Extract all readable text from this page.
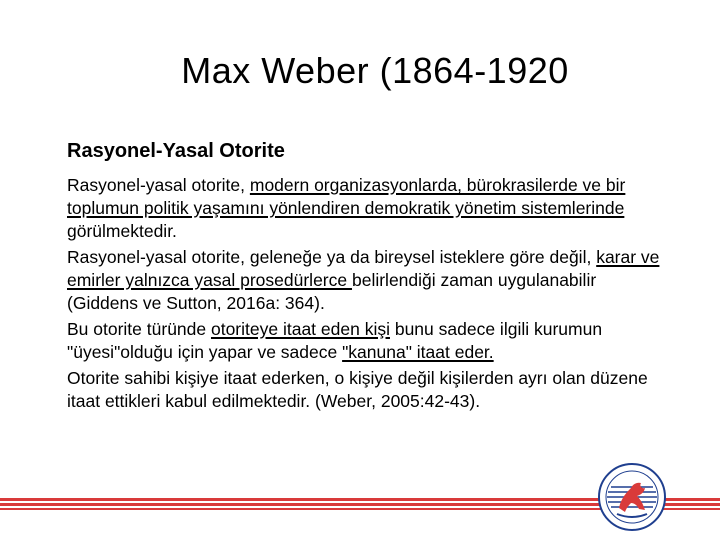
Max Weber (1864-1920
Rasyonel-Yasal Otorite

Rasyonel-yasal otorite, modern organizasyonlarda, bürokrasilerde ve bir toplumun politik yaşamını yönlendiren demokratik yönetim sistemlerinde görülmektedir.

Rasyonel-yasal otorite, geleneğe ya da bireysel isteklere göre değil, karar ve emirler yalnızca yasal prosedürlerce belirlendiği zaman uygulanabilir (Giddens ve Sutton, 2016a: 364).

Bu otorite türünde otoriteye itaat eden kişi bunu sadece ilgili kurumun "üyesi"olduğu için yapar ve sadece "kanuna" itaat eder.

Otorite sahibi kişiye itaat ederken, o kişiye değil kişilerden ayrı olan düzene itaat ettikleri kabul edilmektedir. (Weber, 2005:42-43).
